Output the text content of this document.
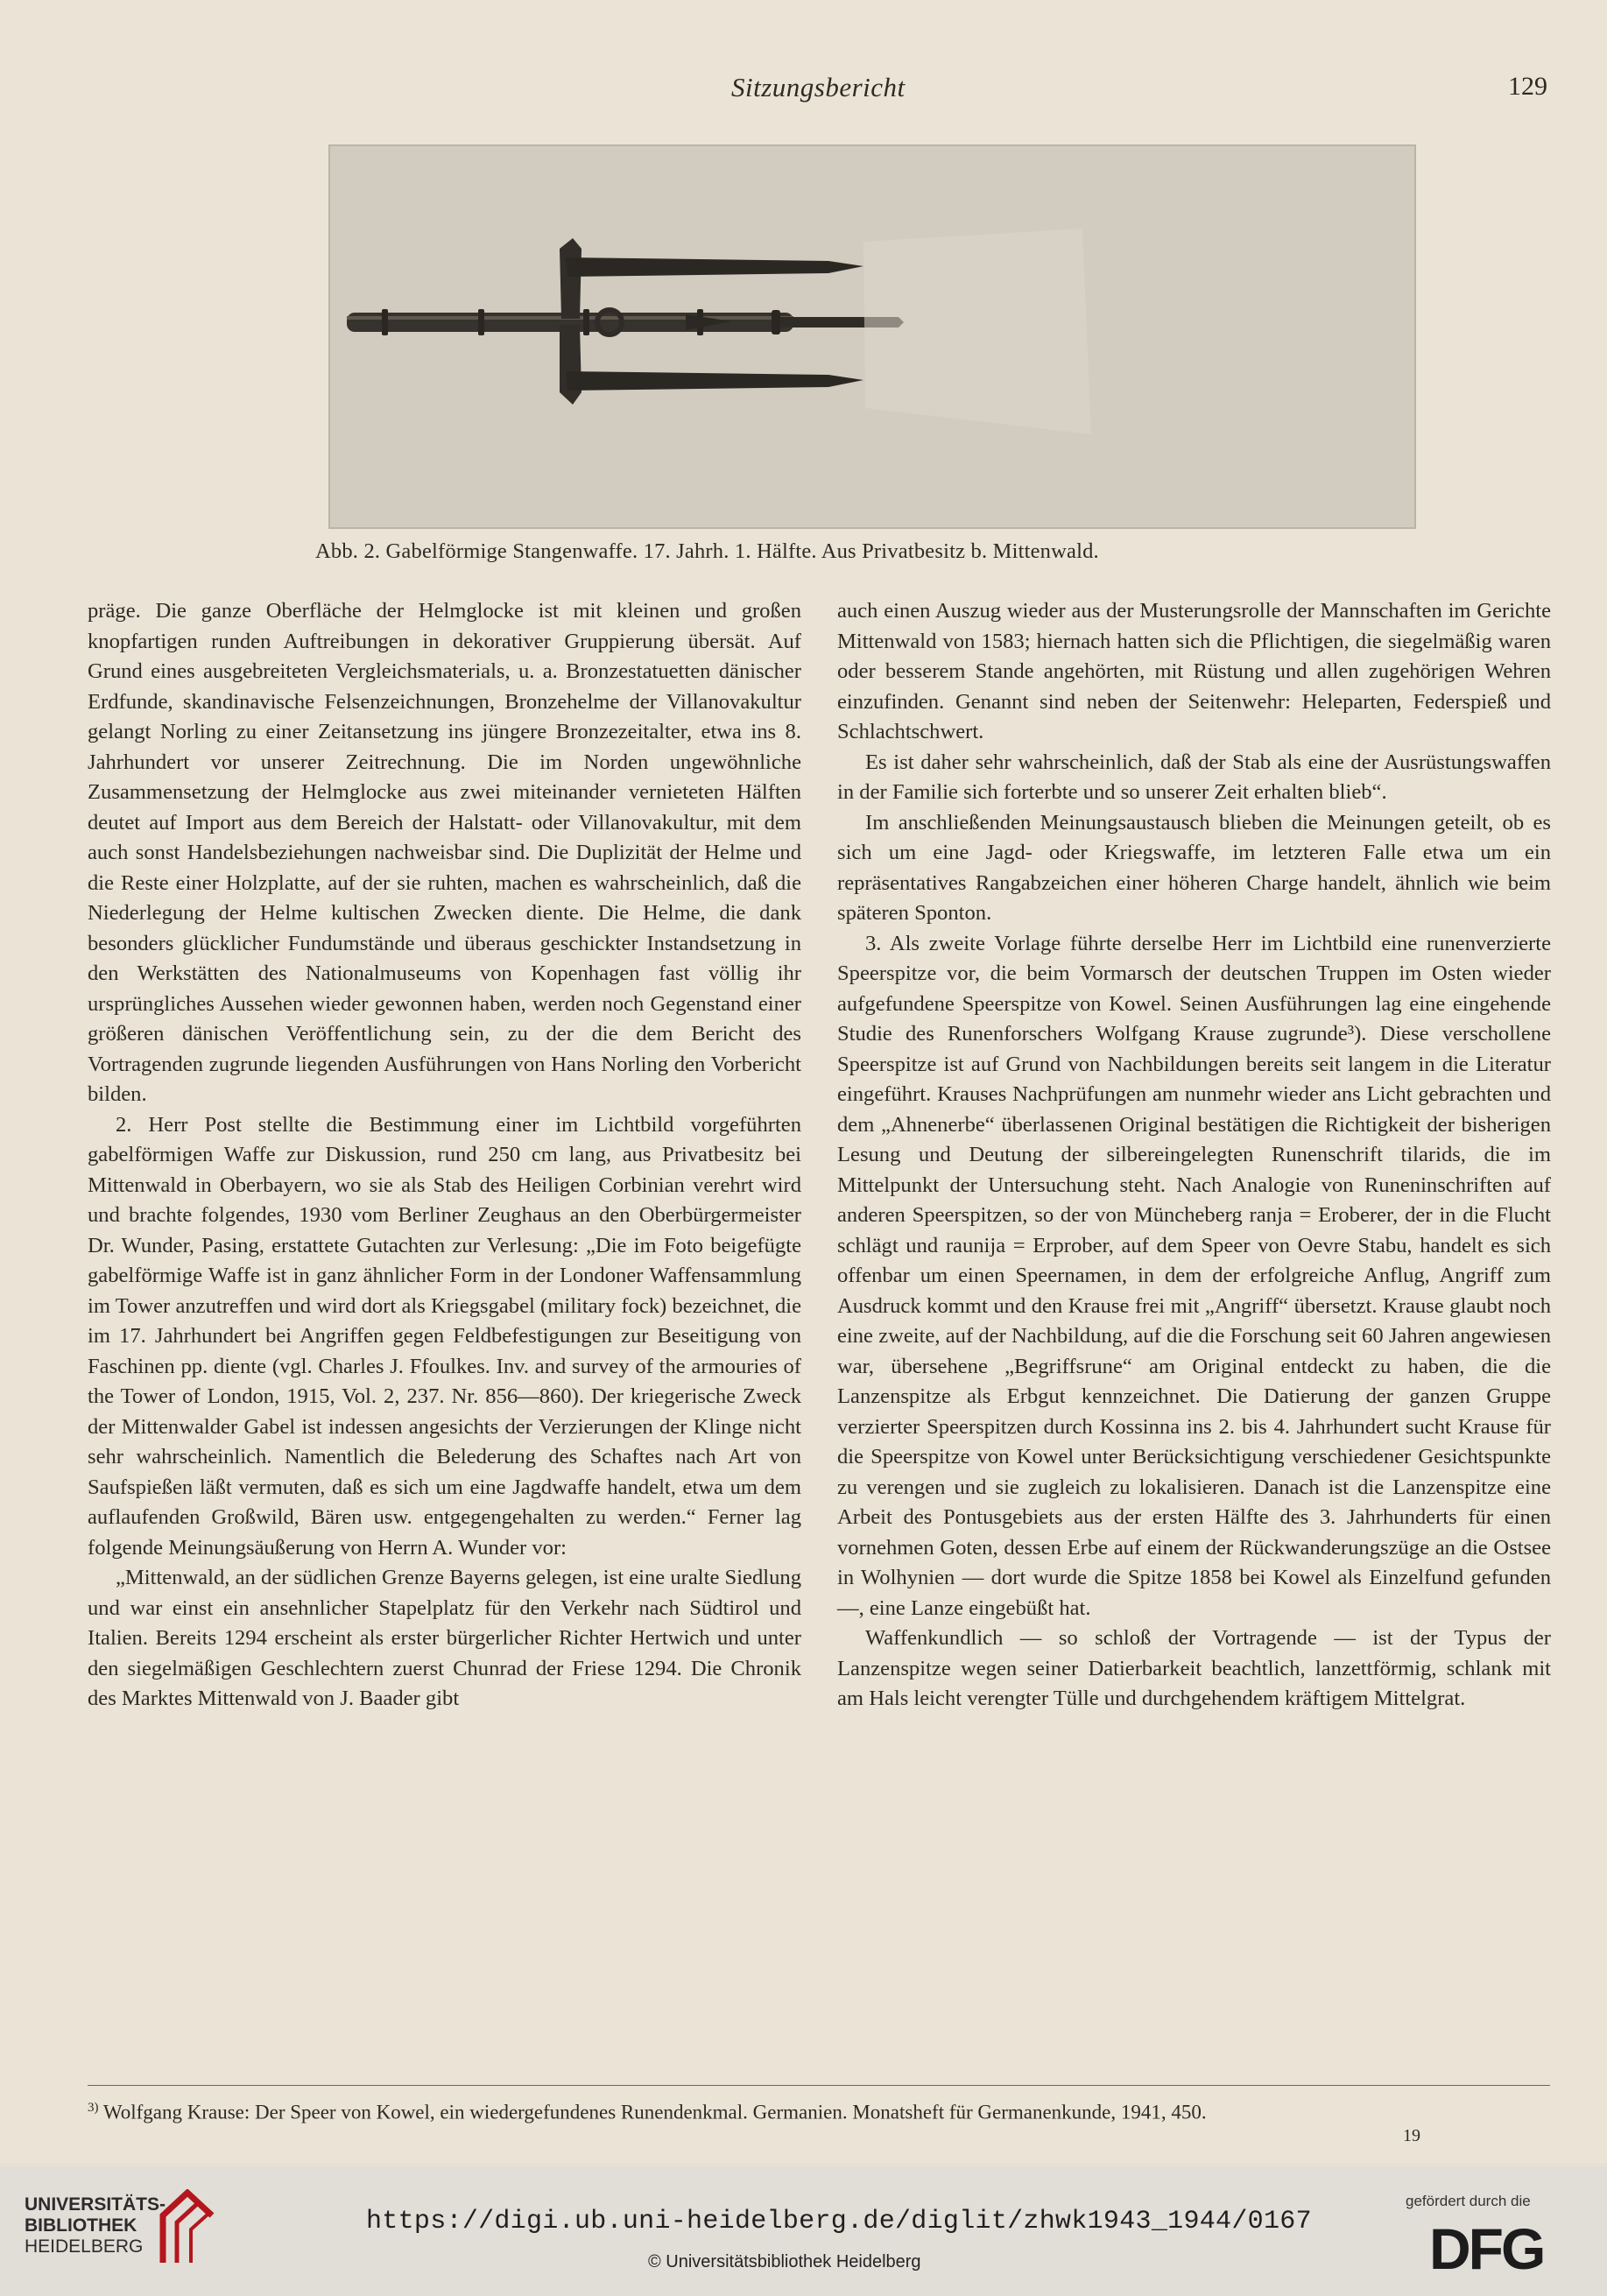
Sitzungsbericht	129
Abb. 2. Gabelförmige Stangenwaffe. 17. Jahrh. 1. Hälfte. Aus Privatbesitz b. Mittenwald.

präge. Die ganze Oberfläche der Helmglocke ist mit kleinen und großen knopfartigen runden Auftreibungen in dekorativer Gruppierung übersät. Auf Grund eines ausgebreiteten Vergleichsmaterials, u. a. Bronzestatuetten dänischer Erdfunde, skandinavische Felsenzeichnungen, Bronzehelme der Villanovakultur gelangt Norling zu einer Zeitansetzung ins jüngere Bronzezeitalter, etwa ins 8. Jahrhundert vor unserer Zeitrechnung. Die im Norden ungewöhnliche Zusammensetzung der Helmglocke aus zwei miteinander vernieteten Hälften deutet auf Import aus dem Bereich der Halstatt- oder Villanovakultur, mit dem auch sonst Handelsbeziehungen nachweisbar sind. Die Duplizität der Helme und die Reste einer Holzplatte, auf der sie ruhten, machen es wahrscheinlich, daß die Niederlegung der Helme kultischen Zwecken diente. Die Helme, die dank besonders glücklicher Fundumstände und überaus geschickter Instandsetzung in den Werkstätten des Nationalmuseums von Kopenhagen fast völlig ihr ursprüngliches Aussehen wieder gewonnen haben, werden noch Gegenstand einer größeren dänischen Veröffentlichung sein, zu der die dem Bericht des Vortragenden zugrunde liegenden Ausführungen von Hans Norling den Vorbericht bilden.

2. Herr Post stellte die Bestimmung einer im Lichtbild vorgeführten gabelförmigen Waffe zur Diskussion, rund 250 cm lang, aus Privatbesitz bei Mittenwald in Oberbayern, wo sie als Stab des Heiligen Corbinian verehrt wird und brachte folgendes, 1930 vom Berliner Zeughaus an den Oberbürgermeister Dr. Wunder, Pasing, erstattete Gutachten zur Verlesung: „Die im Foto beigefügte gabelförmige Waffe ist in ganz ähnlicher Form in der Londoner Waffensammlung im Tower anzutreffen und wird dort als Kriegsgabel (military fock) bezeichnet, die im 17. Jahrhundert bei Angriffen gegen Feldbefestigungen zur Beseitigung von Faschinen pp. diente (vgl. Charles J. Ffoulkes. Inv. and survey of the armouries of the Tower of London, 1915, Vol. 2, 237. Nr. 856—860). Der kriegerische Zweck der Mittenwalder Gabel ist indessen angesichts der Verzierungen der Klinge nicht sehr wahrscheinlich. Namentlich die Belederung des Schaftes nach Art von Saufspießen läßt vermuten, daß es sich um eine Jagdwaffe handelt, etwa um dem auflaufenden Großwild, Bären usw. entgegengehalten zu werden.“ Ferner lag folgende Meinungsäußerung von Herrn A. Wunder vor:

„Mittenwald, an der südlichen Grenze Bayerns gelegen, ist eine uralte Siedlung und war einst ein ansehnlicher Stapelplatz für den Verkehr nach Südtirol und Italien. Bereits 1294 erscheint als erster bürgerlicher Richter Hertwich und unter den siegelmäßigen Geschlechtern zuerst Chunrad der Friese 1294. Die Chronik des Marktes Mittenwald von J. Baader gibt

auch einen Auszug wieder aus der Musterungsrolle der Mannschaften im Gerichte Mittenwald von 1583; hiernach hatten sich die Pflichtigen, die siegelmäßig waren oder besserem Stande angehörten, mit Rüstung und allen zugehörigen Wehren einzufinden. Genannt sind neben der Seitenwehr: Heleparten, Federspieß und Schlachtschwert.

Es ist daher sehr wahrscheinlich, daß der Stab als eine der Ausrüstungswaffen in der Familie sich forterbte und so unserer Zeit erhalten blieb“.

Im anschließenden Meinungsaustausch blieben die Meinungen geteilt, ob es sich um eine Jagd- oder Kriegswaffe, im letzteren Falle etwa um ein repräsentatives Rangabzeichen einer höheren Charge handelt, ähnlich wie beim späteren Sponton.

3. Als zweite Vorlage führte derselbe Herr im Lichtbild eine runenverzierte Speerspitze vor, die beim Vormarsch der deutschen Truppen im Osten wieder aufgefundene Speerspitze von Kowel. Seinen Ausführungen lag eine eingehende Studie des Runenforschers Wolfgang Krause zugrunde³). Diese verschollene Speerspitze ist auf Grund von Nachbildungen bereits seit langem in die Literatur eingeführt. Krauses Nachprüfungen am nunmehr wieder ans Licht gebrachten und dem „Ahnenerbe“ überlassenen Original bestätigen die Richtigkeit der bisherigen Lesung und Deutung der silbereingelegten Runenschrift tilarids, die im Mittelpunkt der Untersuchung steht. Nach Analogie von Runeninschriften auf anderen Speerspitzen, so der von Müncheberg ranja = Eroberer, der in die Flucht schlägt und raunija = Erprober, auf dem Speer von Oevre Stabu, handelt es sich offenbar um einen Speernamen, in dem der erfolgreiche Anflug, Angriff zum Ausdruck kommt und den Krause frei mit „Angriff“ übersetzt. Krause glaubt noch eine zweite, auf der Nachbildung, auf die die Forschung seit 60 Jahren angewiesen war, übersehene „Begriffsrune“ am Original entdeckt zu haben, die die Lanzenspitze als Erbgut kennzeichnet. Die Datierung der ganzen Gruppe verzierter Speerspitzen durch Kossinna ins 2. bis 4. Jahrhundert sucht Krause für die Speerspitze von Kowel unter Berücksichtigung verschiedener Gesichtspunkte zu verengen und sie zugleich zu lokalisieren. Danach ist die Lanzenspitze eine Arbeit des Pontusgebiets aus der ersten Hälfte des 3. Jahrhunderts für einen vornehmen Goten, dessen Erbe auf einem der Rückwanderungszüge an die Ostsee in Wolhynien — dort wurde die Spitze 1858 bei Kowel als Einzelfund gefunden —, eine Lanze eingebüßt hat.

Waffenkundlich — so schloß der Vortragende — ist der Typus der Lanzenspitze wegen seiner Datierbarkeit beachtlich, lanzettförmig, schlank mit am Hals leicht verengter Tülle und durchgehendem kräftigem Mittelgrat.

$^{3)}$ Wolfgang Krause: Der Speer von Kowel, ein wiedergefundenes Runendenkmal. Germanien. Monatsheft für Germanenkunde, 1941, 450.
19
UNIVERSITÄTS-
BIBLIOTHEK
HEIDELBERG
https://digi.ub.uni-heidelberg.de/diglit/zhwk1943_1944/0167
© Universitätsbibliothek Heidelberg
gefördert durch die
DFG
